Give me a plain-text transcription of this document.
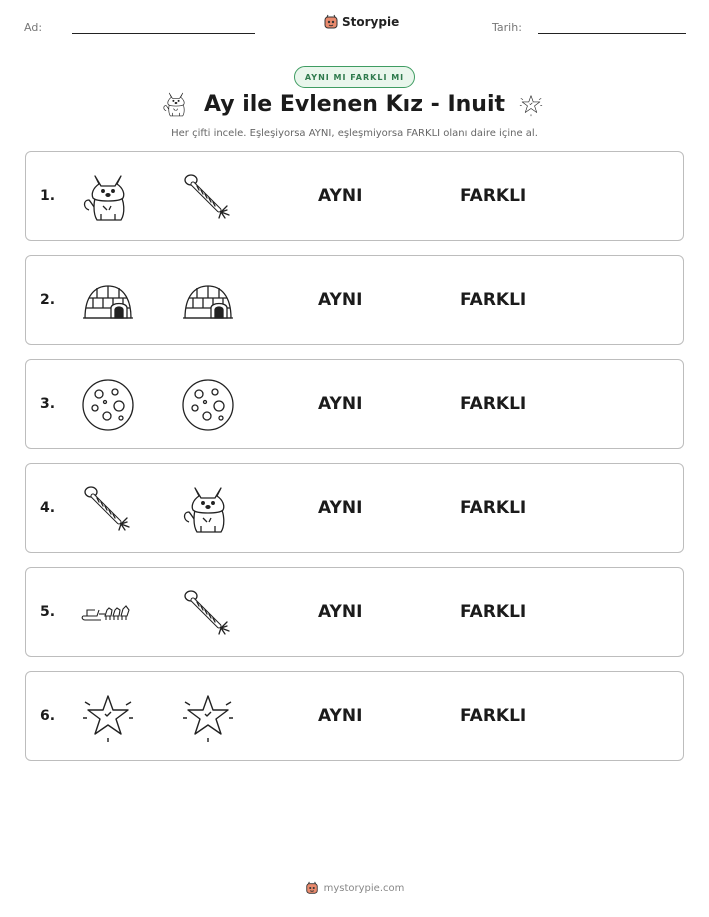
Ad:	Storypie	Tarih:
AYNI MI FARKLI MI
Ay ile Evlenen Kız - Inuit
Her çifti incele. Eşleşiyorsa AYNI, eşleşmiyorsa FARKLI olanı daire içine al.
1.	AYNI	FARKLI
2.	AYNI	FARKLI
3.	AYNI	FARKLI
4.	AYNI	FARKLI
5.	AYNI	FARKLI
6.	AYNI	FARKLI
mystorypie.com
